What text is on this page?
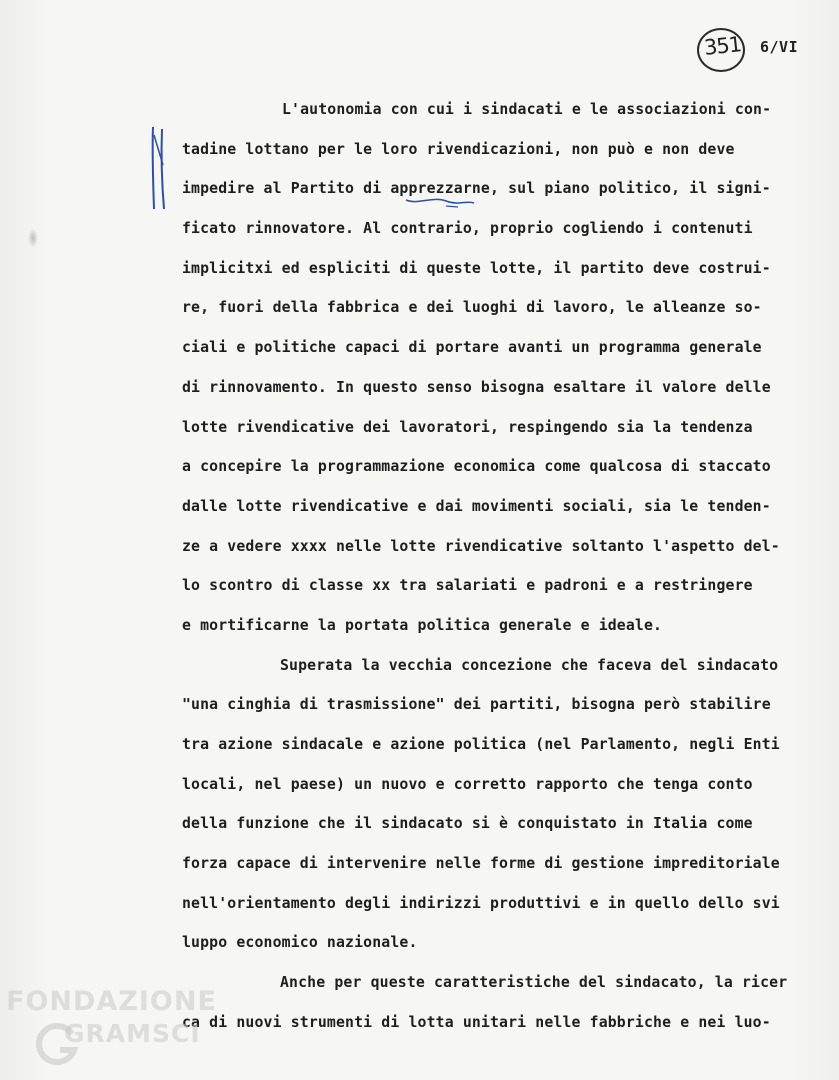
351 6/VI
L'autonomia con cui i sindacati e le associazioni con-
tadine lottano per le loro rivendicazioni, non può e non deve
impedire al Partito di apprezzarne, sul piano politico, il signi-
ficato rinnovatore. Al contrario, proprio cogliendo i contenuti
implicitxi ed espliciti di queste lotte, il partito deve costrui-
re, fuori della fabbrica e dei luoghi di lavoro, le alleanze so-
ciali e politiche capaci di portare avanti un programma generale
di rinnovamento. In questo senso bisogna esaltare il valore delle
lotte rivendicative dei lavoratori, respingendo sia la tendenza
a concepire la programmazione economica come qualcosa di staccato
dalle lotte rivendicative e dai movimenti sociali, sia le tenden-
ze a vedere xxxx nelle lotte rivendicative soltanto l'aspetto del-
lo scontro di classe xx tra salariati e padroni e a restringere
e mortificarne la portata politica generale e ideale.
Superata la vecchia concezione che faceva del sindacato
"una cinghia di trasmissione" dei partiti, bisogna però stabilire
tra azione sindacale e azione politica (nel Parlamento, negli Enti
locali, nel paese) un nuovo e corretto rapporto che tenga conto
della funzione che il sindacato si è conquistato in Italia come
forza capace di intervenire nelle forme di gestione impreditoriale
nell'orientamento degli indirizzi produttivi e in quello dello svi
luppo economico nazionale.
Anche per queste caratteristiche del sindacato, la ricer
ca di nuovi strumenti di lotta unitari nelle fabbriche e nei luo-
FONDAZIONE
GRAMSCI
